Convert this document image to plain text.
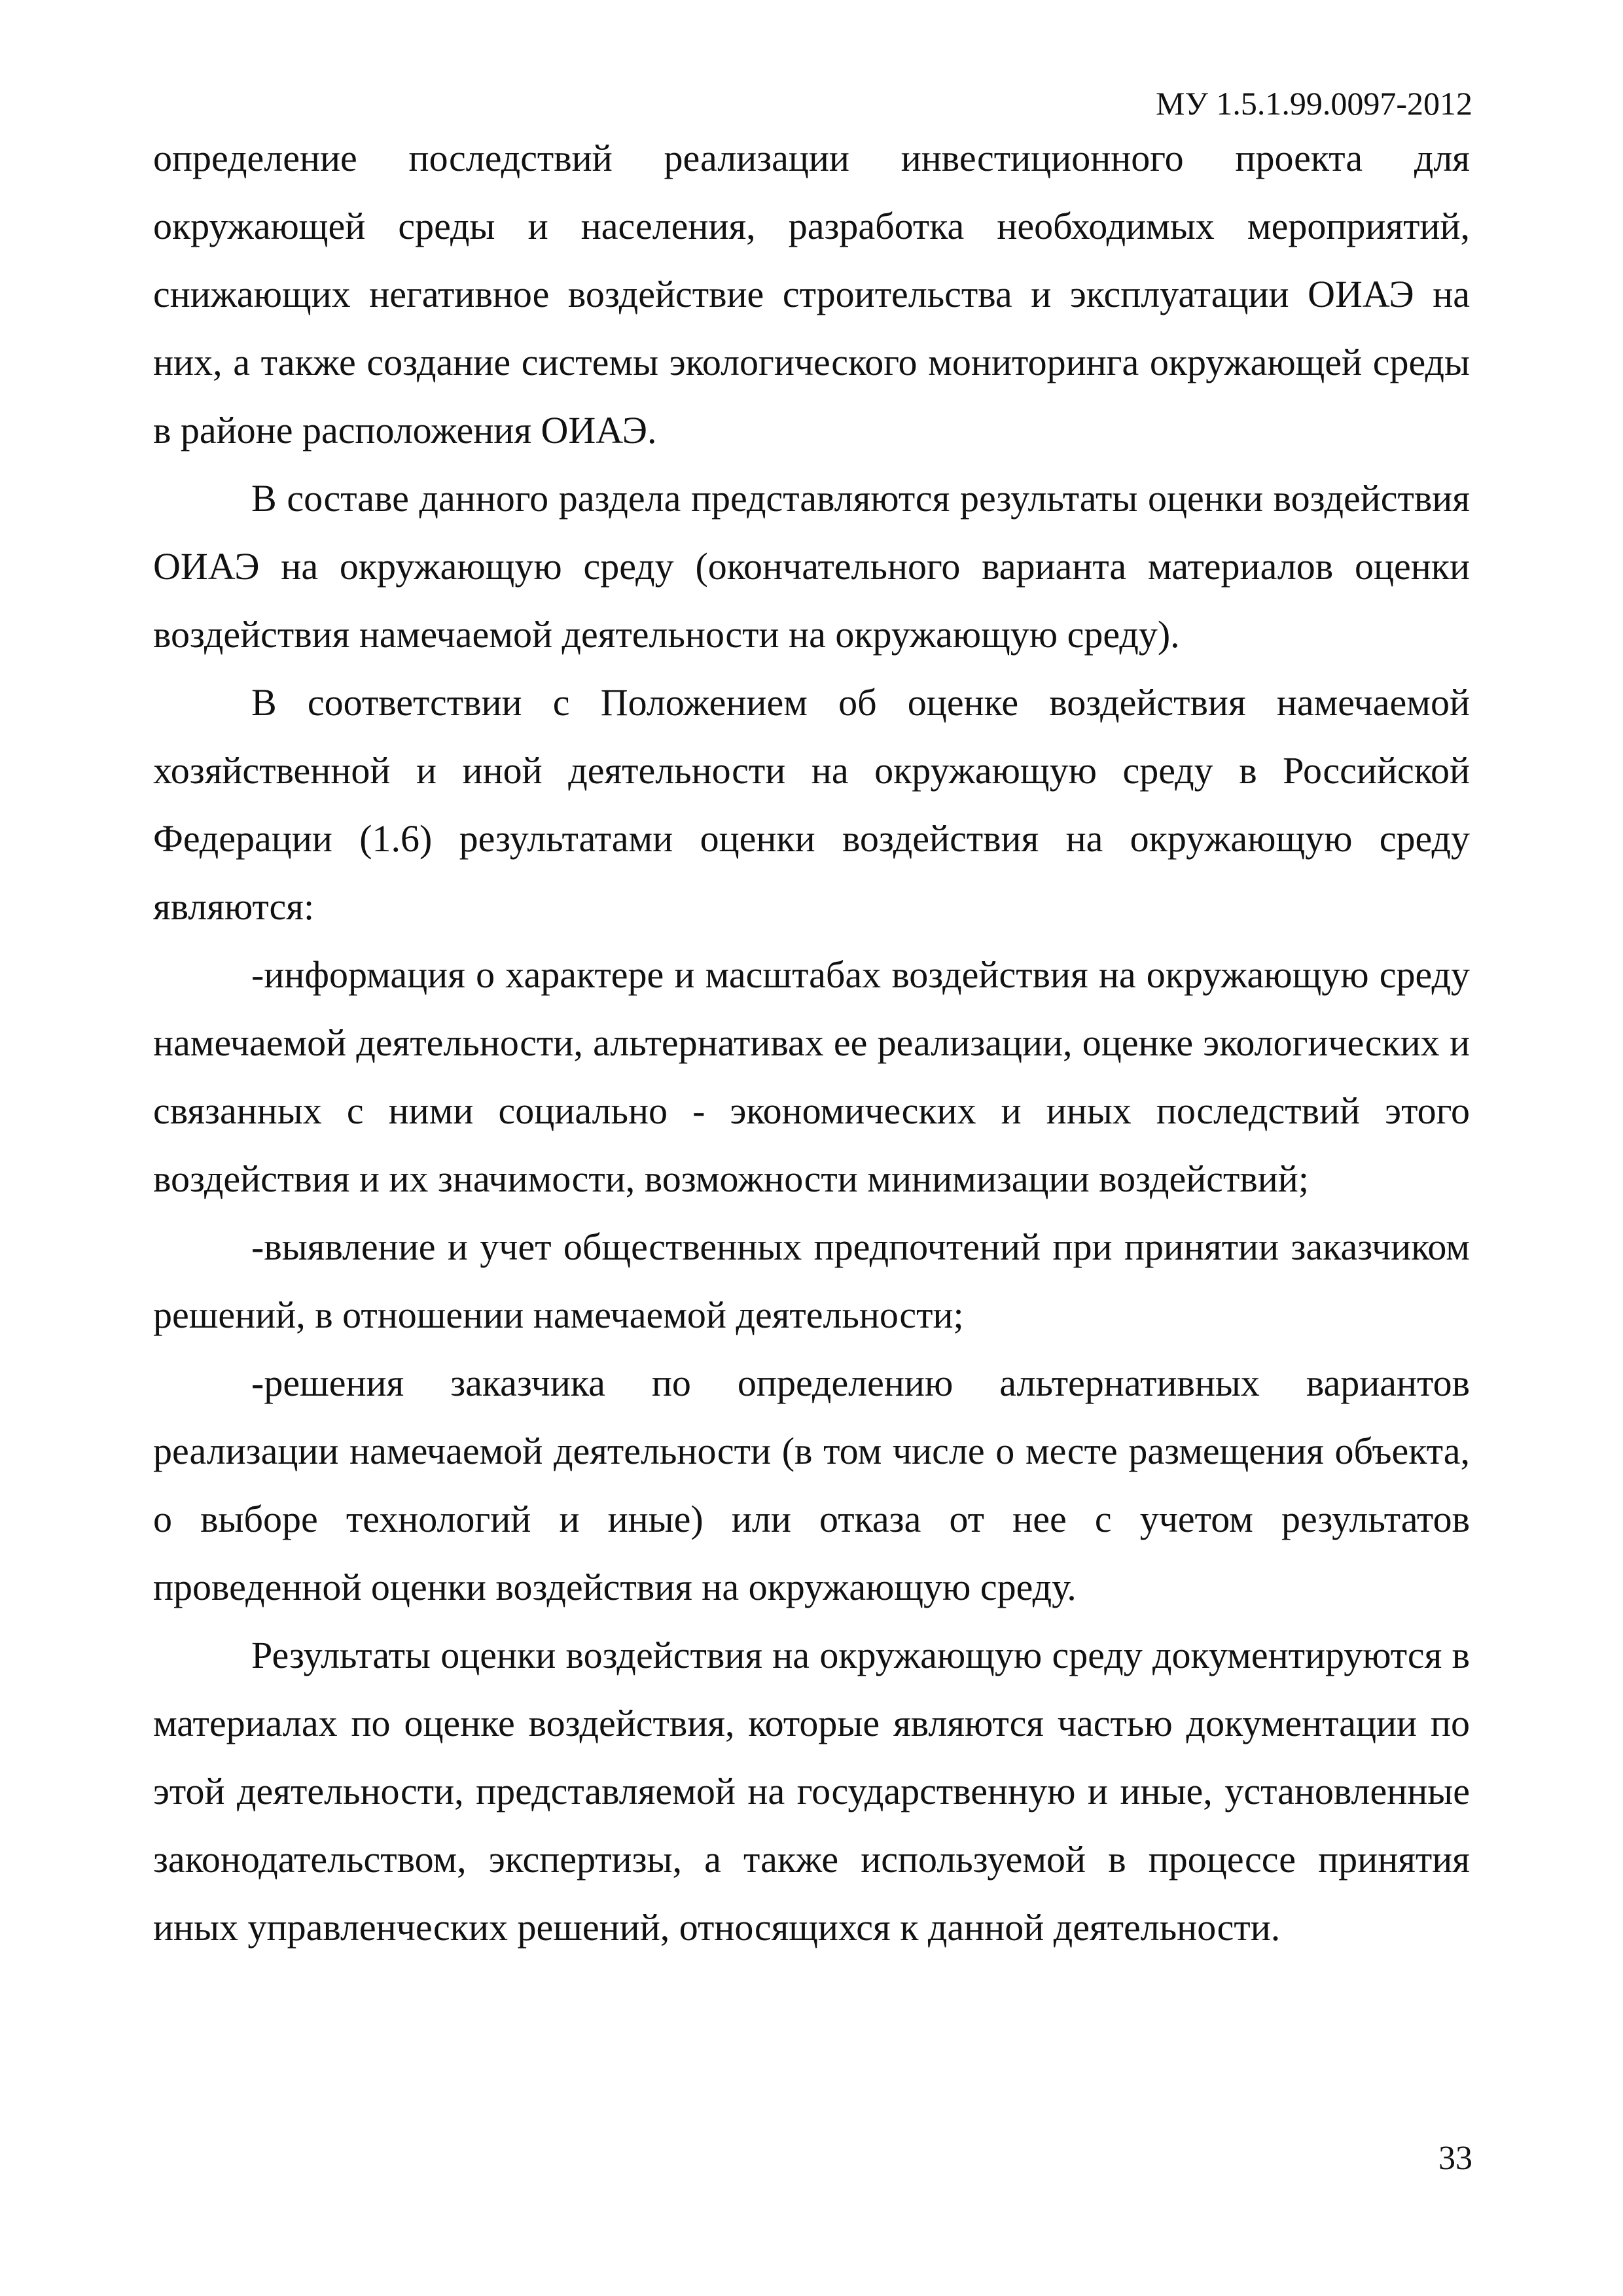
МУ 1.5.1.99.0097-2012

определение последствий реализации инвестиционного проекта для окружающей среды и населения, разработка необходимых мероприятий, снижающих негативное воздействие строительства и эксплуатации ОИАЭ на них, а также создание системы экологического мониторинга окружающей среды в районе расположения ОИАЭ.

В составе данного раздела представляются результаты оценки воздействия ОИАЭ на окружающую среду (окончательного варианта материалов оценки воздействия намечаемой деятельности на окружающую среду).

В соответствии с Положением об оценке воздействия намечаемой хозяйственной и иной деятельности на окружающую среду в Российской Федерации (1.6) результатами оценки воздействия на окружающую среду являются:

-информация о характере и масштабах воздействия на окружающую среду намечаемой деятельности, альтернативах ее реализации, оценке экологических и связанных с ними социально - экономических и иных последствий этого воздействия и их значимости, возможности минимизации воздействий;

-выявление и учет общественных предпочтений при принятии заказчиком решений, в отношении намечаемой деятельности;

-решения заказчика по определению альтернативных вариантов реализации намечаемой деятельности (в том числе о месте размещения объекта, о выборе технологий и иные) или отказа от нее с учетом результатов проведенной оценки воздействия на окружающую среду.

Результаты оценки воздействия на окружающую среду документируются в материалах по оценке воздействия, которые являются частью документации по этой деятельности, представляемой на государственную и иные, установленные законодательством, экспертизы, а также используемой в процессе принятия иных управленческих решений, относящихся к данной деятельности.

33
